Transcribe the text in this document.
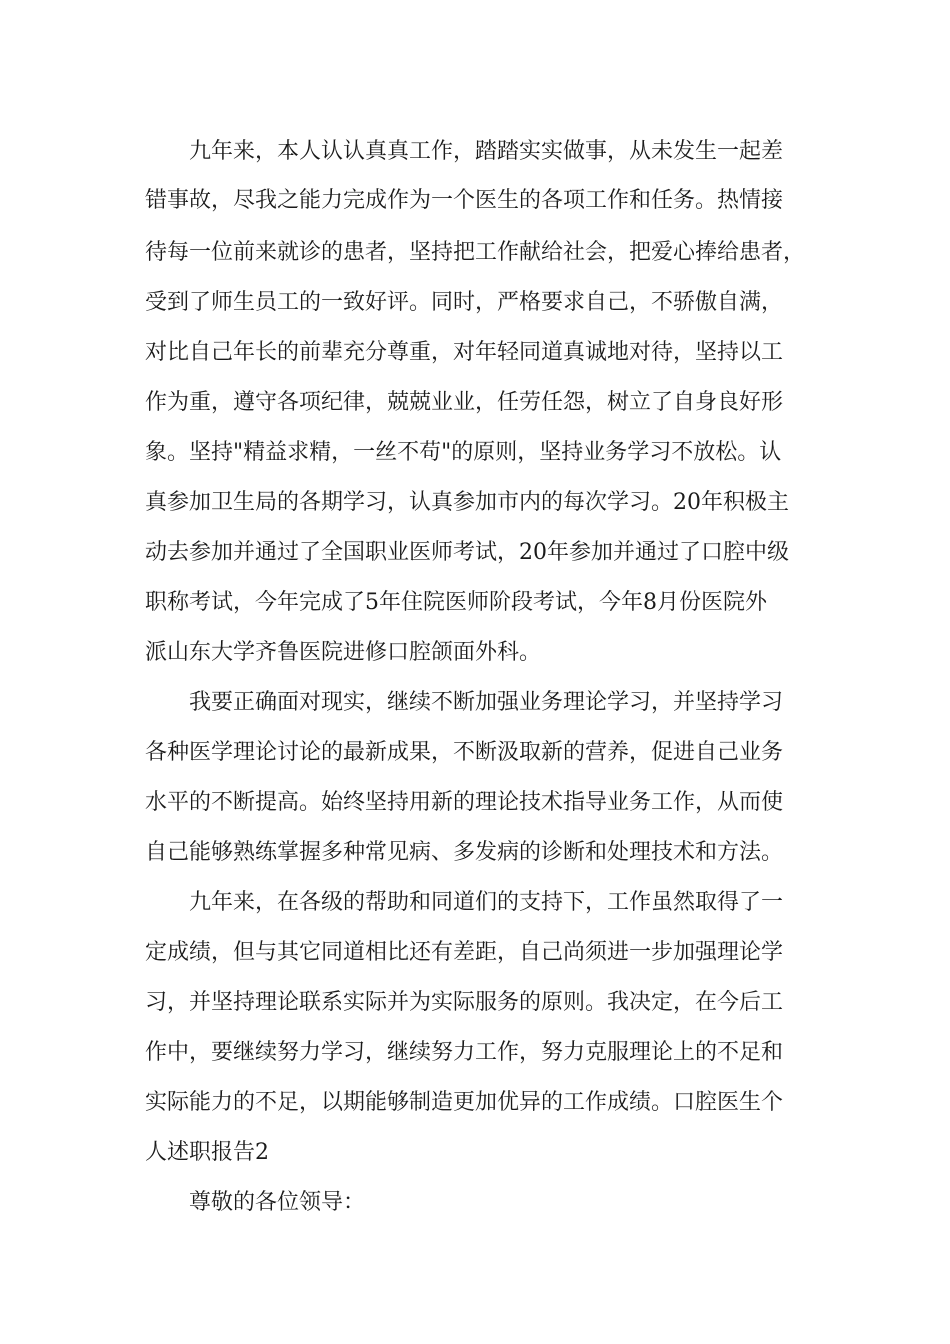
九年来，本人认认真真工作，踏踏实实做事，从未发生一起差
错事故，尽我之能力完成作为一个医生的各项工作和任务。热情接
待每一位前来就诊的患者，坚持把工作献给社会，把爱心捧给患者，
受到了师生员工的一致好评。同时，严格要求自己，不骄傲自满，
对比自己年长的前辈充分尊重，对年轻同道真诚地对待，坚持以工
作为重，遵守各项纪律，兢兢业业，任劳任怨，树立了自身良好形
象。坚持"精益求精，一丝不苟"的原则，坚持业务学习不放松。认
真参加卫生局的各期学习，认真参加市内的每次学习。20年积极主
动去参加并通过了全国职业医师考试，20年参加并通过了口腔中级
职称考试，今年完成了5年住院医师阶段考试，今年8月份医院外
派山东大学齐鲁医院进修口腔颌面外科。
我要正确面对现实，继续不断加强业务理论学习，并坚持学习
各种医学理论讨论的最新成果，不断汲取新的营养，促进自己业务
水平的不断提高。始终坚持用新的理论技术指导业务工作，从而使
自己能够熟练掌握多种常见病、多发病的诊断和处理技术和方法。
九年来，在各级的帮助和同道们的支持下，工作虽然取得了一
定成绩，但与其它同道相比还有差距，自己尚须进一步加强理论学
习，并坚持理论联系实际并为实际服务的原则。我决定，在今后工
作中，要继续努力学习，继续努力工作，努力克服理论上的不足和
实际能力的不足，以期能够制造更加优异的工作成绩。口腔医生个
人述职报告2
尊敬的各位领导：
